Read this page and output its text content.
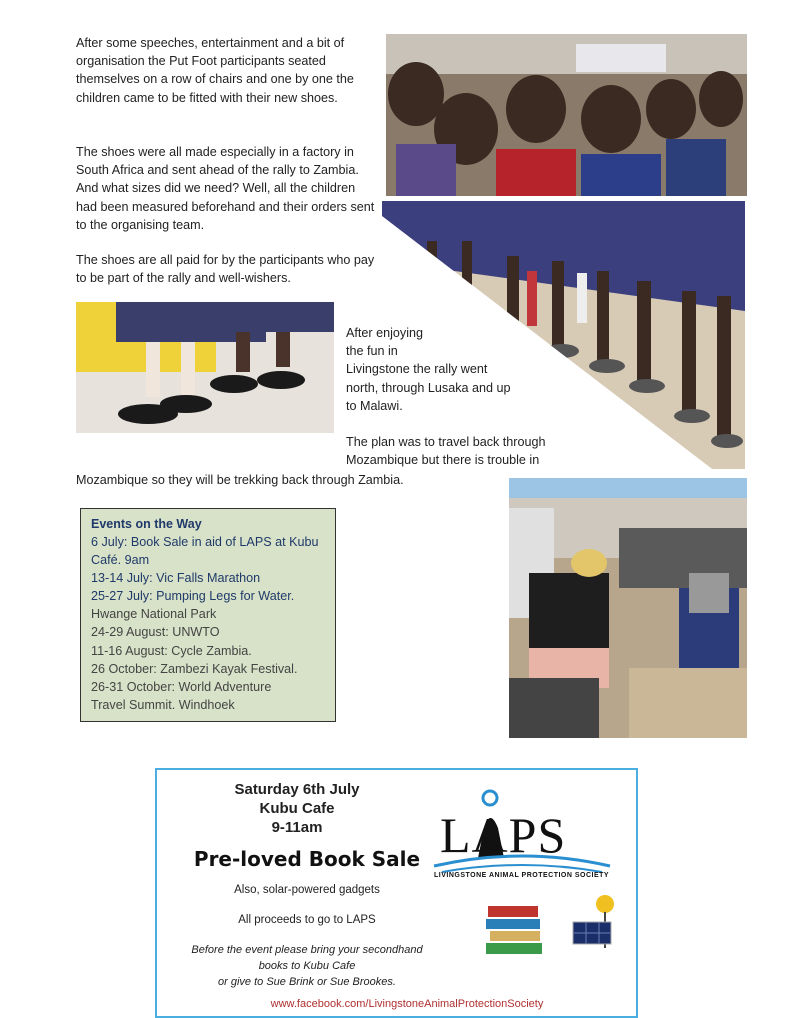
After some speeches, entertainment and a bit of organisation the Put Foot participants seated themselves on a row of chairs and one by one the children came to be fitted with their new shoes.

The shoes were all made especially in a factory in South Africa and sent ahead of the rally to Zambia. And what sizes did we need? Well, all the children had been measured beforehand and their orders sent to the organising team.

The shoes are all paid for by the participants who pay to be part of the rally and well-wishers.

After enjoying
the fun in
Livingstone the rally went
north, through Lusaka and up
to Malawi.

The plan was to travel back through
Mozambique but there is trouble in

Mozambique so they will be trekking back through Zambia.

Events on the Way
6 July: Book Sale in aid of LAPS at Kubu
Café. 9am
13-14 July: Vic Falls Marathon
25-27 July: Pumping Legs for Water.
Hwange National Park
24-29 August: UNWTO
11-16 August: Cycle Zambia.
26 October: Zambezi Kayak Festival.
26-31 October: World Adventure
Travel Summit. Windhoek
Saturday 6th July
Kubu Cafe
9-11am
Pre-loved Book Sale
Also, solar-powered gadgets
All proceeds to go to LAPS
Before the event please bring your secondhand
books to Kubu Cafe
or give to Sue Brink or Sue Brookes.
www.facebook.com/LivingstoneAnimalProtectionSociety
LAPS
LIVINGSTONE ANIMAL PROTECTION SOCIETY
